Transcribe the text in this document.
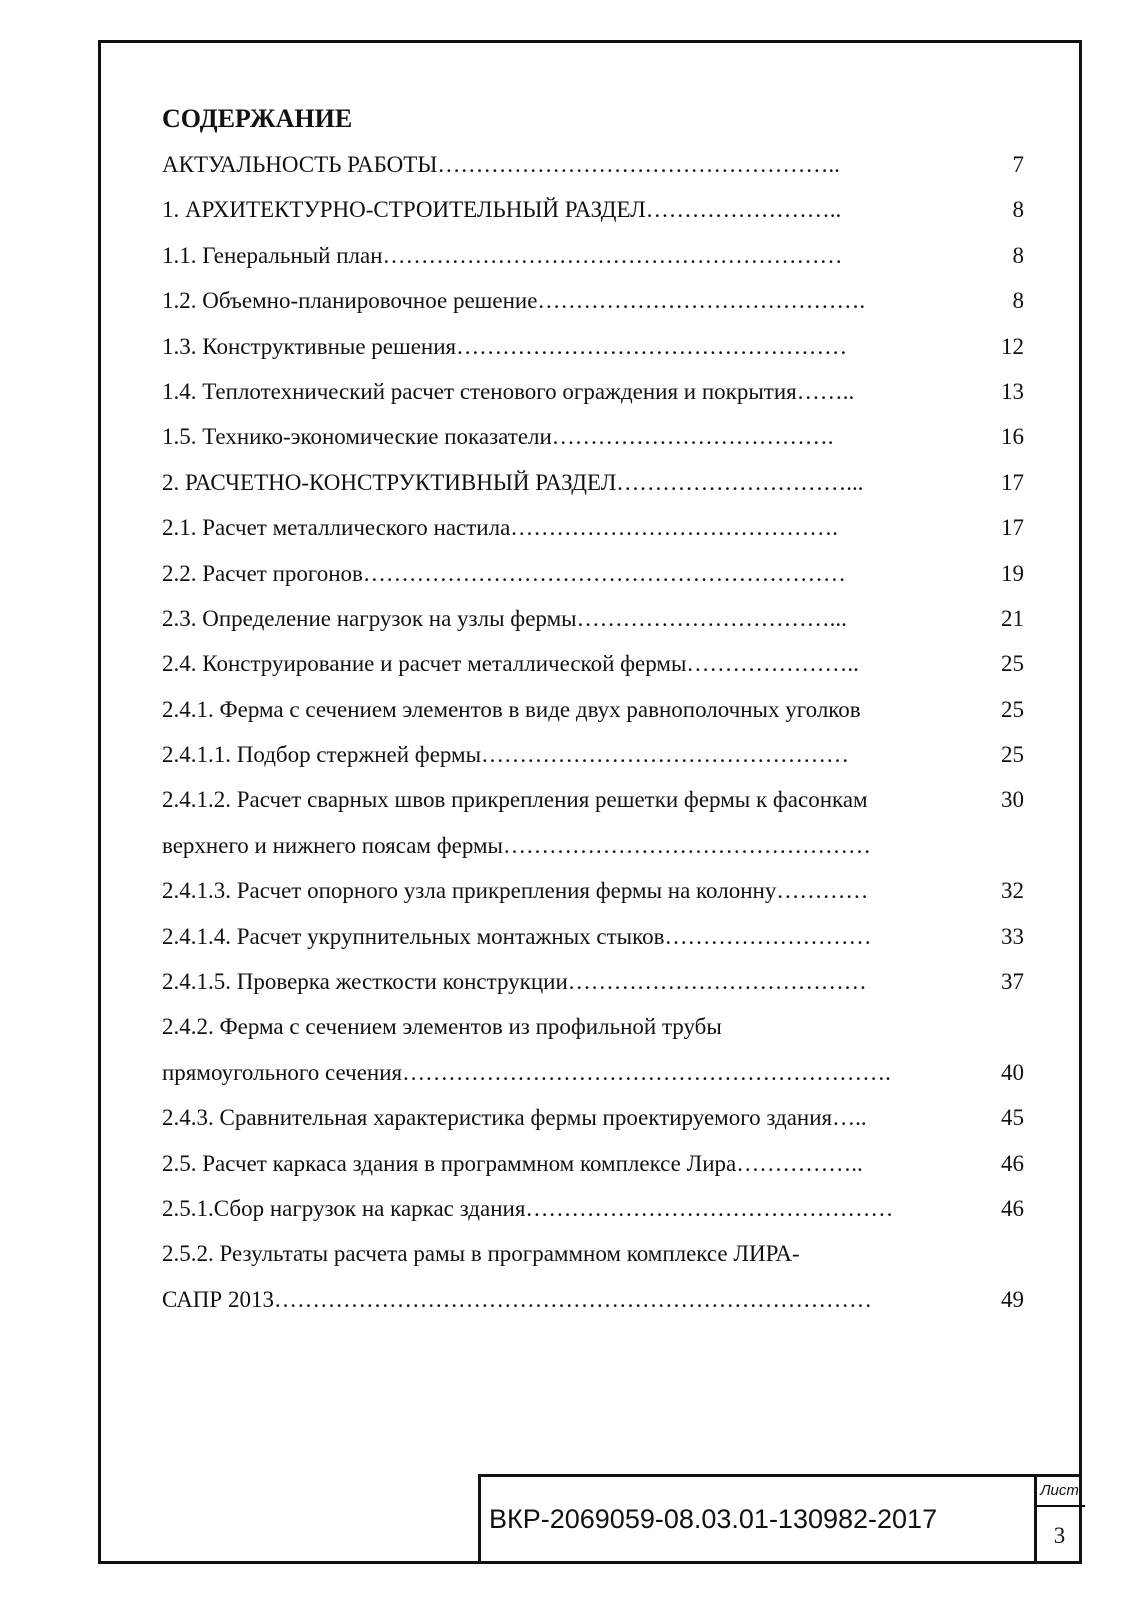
СОДЕРЖАНИЕ
АКТУАЛЬНОСТЬ РАБОТЫ……………………………………………..	7
1. АРХИТЕКТУРНО-СТРОИТЕЛЬНЫЙ РАЗДЕЛ……………………..	8
1.1. Генеральный план……………………………………………………	8
1.2. Объемно-планировочное решение…………………………………….	8
1.3. Конструктивные решения……………………………………………	12
1.4. Теплотехнический расчет стенового ограждения и покрытия……..	13
1.5. Технико-экономические показатели……………………………….	16
2. РАСЧЕТНО-КОНСТРУКТИВНЫЙ РАЗДЕЛ…………………………...	17
2.1. Расчет металлического настила…………………………………….	17
2.2. Расчет прогонов………………………………………………………	19
2.3. Определение нагрузок на узлы фермы……………………………...	21
2.4. Конструирование и расчет металлической фермы…………………..	25
2.4.1. Ферма с сечением элементов в виде двух равнополочных уголков	25
2.4.1.1. Подбор стержней фермы…………………………………………	25
2.4.1.2. Расчет сварных швов прикрепления решетки фермы к фасонкам	30
верхнего и нижнего поясам фермы…………………………………………
2.4.1.3. Расчет опорного узла прикрепления фермы на колонну…………	32
2.4.1.4. Расчет укрупнительных монтажных стыков………………………	33
2.4.1.5. Проверка жесткости конструкции…………………………………	37
2.4.2. Ферма с сечением элементов из профильной трубы
прямоугольного сечения……………………………………………………….	40
2.4.3. Сравнительная характеристика фермы проектируемого здания…..	45
2.5. Расчет каркаса здания в программном комплексе Лира……………..	46
2.5.1.Сбор нагрузок на каркас здания…………………………………………	46
2.5.2. Результаты расчета рамы в программном комплексе ЛИРА-
САПР 2013……………………………………………………………………	49
ВКР-2069059-08.03.01-130982-2017
Лист
3
